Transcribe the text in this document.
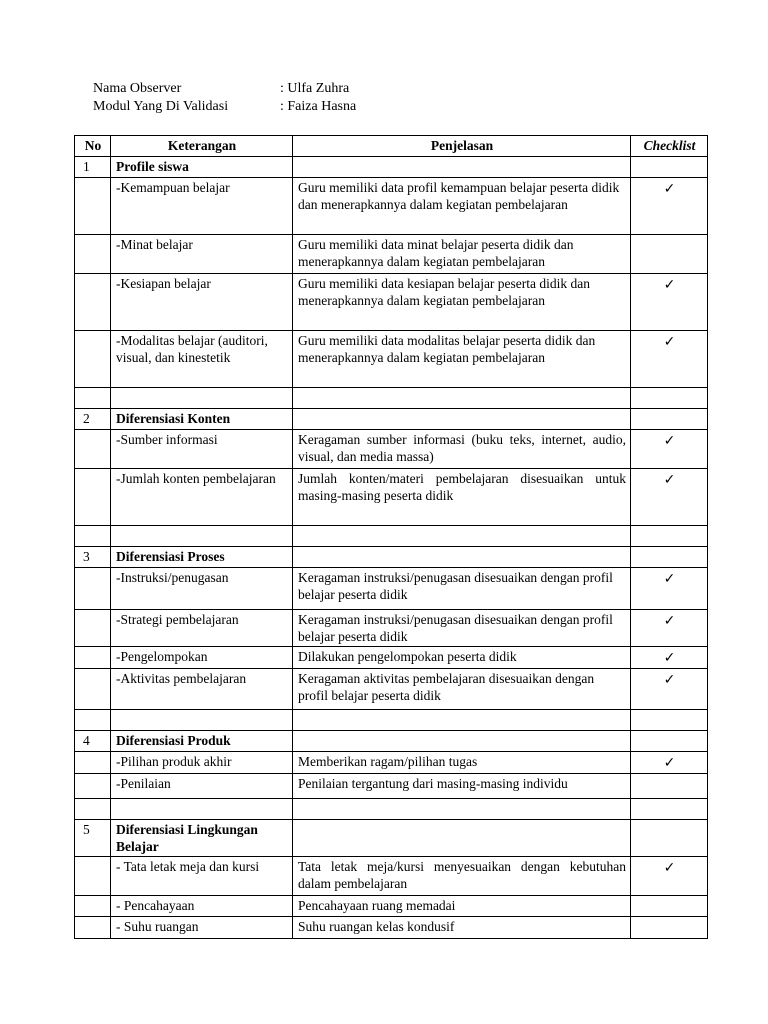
Nama Observer	: Ulfa Zuhra
Modul Yang Di Validasi	: Faiza Hasna
No	Keterangan	Penjelasan	Checklist
1	Profile siswa		
	-Kemampuan belajar	Guru memiliki data profil kemampuan belajar peserta didik dan menerapkannya dalam kegiatan pembelajaran	✓
	-Minat belajar	Guru memiliki data minat belajar peserta didik dan menerapkannya dalam kegiatan pembelajaran	
	-Kesiapan belajar	Guru memiliki data kesiapan belajar peserta didik dan menerapkannya dalam kegiatan pembelajaran	✓
	-Modalitas belajar (auditori, visual, dan kinestetik	Guru memiliki data modalitas belajar peserta didik dan menerapkannya dalam kegiatan pembelajaran	✓

2	Diferensiasi Konten		
	-Sumber informasi	Keragaman sumber informasi (buku teks, internet, audio, visual, dan media massa)	✓
	-Jumlah konten pembelajaran	Jumlah konten/materi pembelajaran disesuaikan untuk masing-masing peserta didik	✓

3	Diferensiasi Proses		
	-Instruksi/penugasan	Keragaman instruksi/penugasan disesuaikan dengan profil belajar peserta didik	✓
	-Strategi pembelajaran	Keragaman instruksi/penugasan disesuaikan dengan profil belajar peserta didik	✓
	-Pengelompokan	Dilakukan pengelompokan peserta didik	✓
	-Aktivitas pembelajaran	Keragaman aktivitas pembelajaran disesuaikan dengan profil belajar peserta didik	✓

4	Diferensiasi Produk		
	-Pilihan produk akhir	Memberikan ragam/pilihan tugas	✓
	-Penilaian	Penilaian tergantung dari masing-masing individu	

5	Diferensiasi Lingkungan Belajar		
	- Tata letak meja dan kursi	Tata letak meja/kursi menyesuaikan dengan kebutuhan dalam pembelajaran	✓
	- Pencahayaan	Pencahayaan ruang memadai	
	- Suhu ruangan	Suhu ruangan kelas kondusif	
